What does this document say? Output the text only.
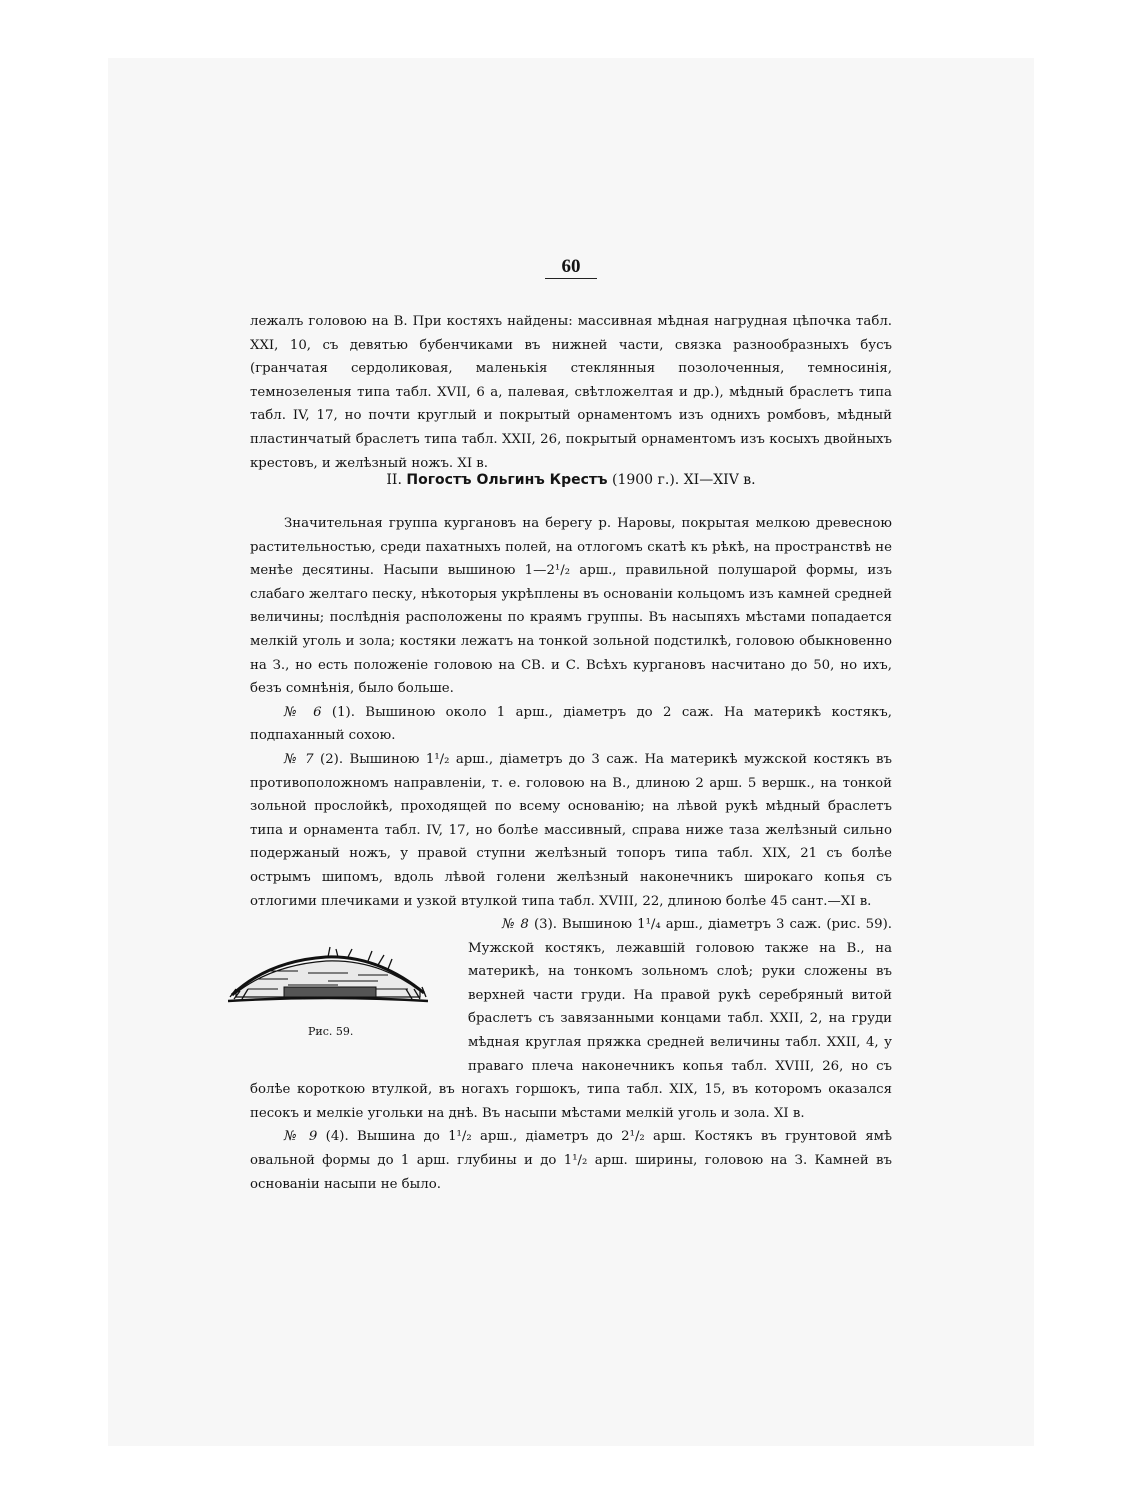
60

лежалъ головою на В. При костяхъ найдены: массивная мѣдная нагрудная цѣпочка табл. XXI, 10, съ девятью бубенчиками въ нижней части, связка разнообразныхъ бусъ (гранчатая сердоликовая, маленькія стеклянныя позолоченныя, темносинія, темнозеленыя типа табл. XVII, 6 а, палевая, свѣтложелтая и др.), мѣдный браслетъ типа табл. IV, 17, но почти круглый и покрытый орнаментомъ изъ однихъ ромбовъ, мѣдный пластинчатый браслетъ типа табл. XXII, 26, покрытый орнаментомъ изъ косыхъ двойныхъ крестовъ, и желѣзный ножъ. XI в.

II. Погостъ Ольгинъ Крестъ (1900 г.). XI—XIV в.

Значительная группа кургановъ на берегу р. Наровы, покрытая мелкою древесною растительностью, среди пахатныхъ полей, на отлогомъ скатѣ къ рѣкѣ, на пространствѣ не менѣе десятины. Насыпи вышиною 1—2¹/₂ арш., правильной полушарой формы, изъ слабаго желтаго песку, нѣкоторыя укрѣплены въ основаніи кольцомъ изъ камней средней величины; послѣднія расположены по краямъ группы. Въ насыпяхъ мѣстами попадается мелкій уголь и зола; костяки лежатъ на тонкой зольной подстилкѣ, головою обыкновенно на З., но есть положеніе головою на СВ. и С. Всѣхъ кургановъ насчитано до 50, но ихъ, безъ сомнѣнія, было больше.

№ 6 (1). Вышиною около 1 арш., діаметръ до 2 саж. На материкѣ костякъ, подпаханный сохою.

№ 7 (2). Вышиною 1¹/₂ арш., діаметръ до 3 саж. На материкѣ мужской костякъ въ противоположномъ направленіи, т. е. головою на В., длиною 2 арш. 5 вершк., на тонкой зольной прослойкѣ, проходящей по всему основанію; на лѣвой рукѣ мѣдный браслетъ типа и орнамента табл. IV, 17, но болѣе массивный, справа ниже таза желѣзный сильно подержаный ножъ, у правой ступни желѣзный топоръ типа табл. XIX, 21 съ болѣе острымъ шипомъ, вдоль лѣвой голени желѣзный наконечникъ широкаго копья съ отлогими плечиками и узкой втулкой типа табл. XVIII, 22, длиною болѣе 45 сант.—XI в.

№ 8
Рис. 59.
(3). Вышиною 1¹/₄ арш., діаметръ 3 саж. (рис. 59). Мужской костякъ, лежавшій головою также на В., на материкѣ, на тонкомъ зольномъ слоѣ; руки сложены въ верхней части груди. На правой рукѣ серебряный витой браслетъ съ завязанными концами табл. XXII, 2, на груди мѣдная круглая пряжка средней величины табл. XXII, 4, у праваго плеча наконечникъ копья табл. XVIII, 26, но съ болѣе короткою втулкой, въ ногахъ горшокъ, типа табл. XIX, 15, въ которомъ оказался песокъ и мелкіе угольки на днѣ. Въ насыпи мѣстами мелкій уголь и зола. XI в.

№ 9 (4). Вышина до 1¹/₂ арш., діаметръ до 2¹/₂ арш. Костякъ въ грунтовой ямѣ овальной формы до 1 арш. глубины и до 1¹/₂ арш. ширины, головою на З. Камней въ основаніи насыпи не было.
